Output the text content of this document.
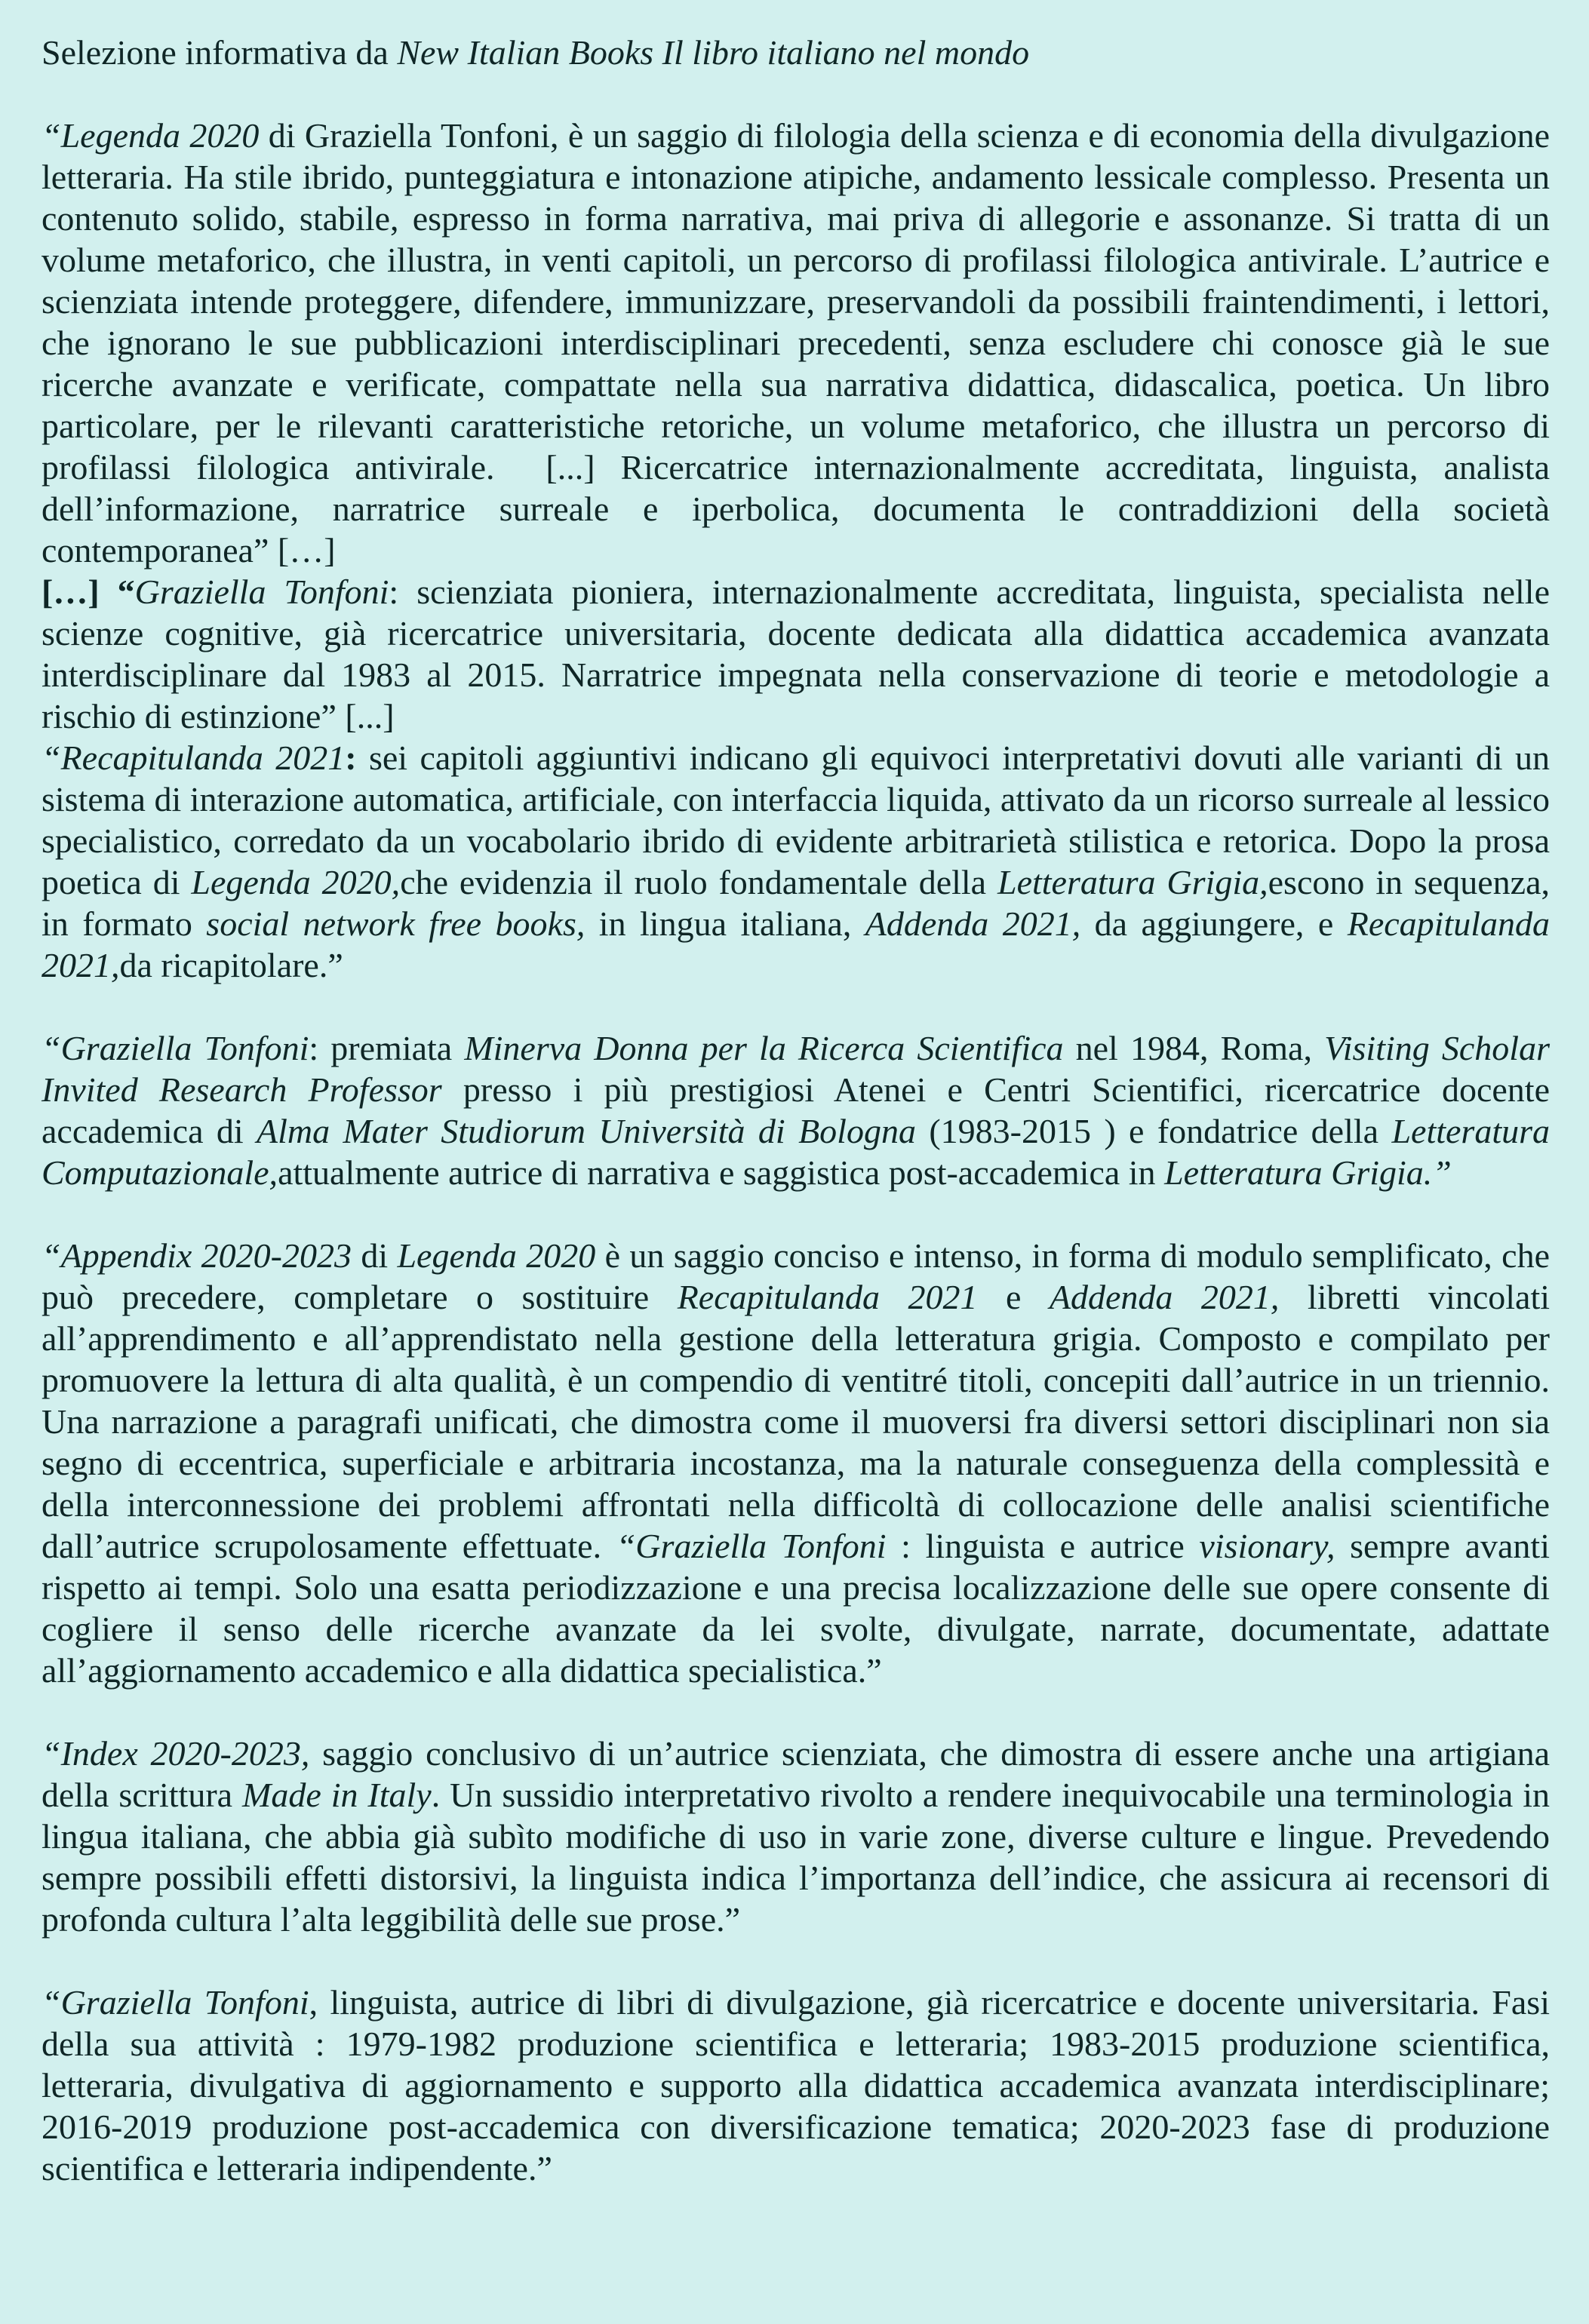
Selezione informativa da New Italian Books Il libro italiano nel mondo

“Legenda 2020 di Graziella Tonfoni, è un saggio di filologia della scienza e di economia della divulgazione letteraria. Ha stile ibrido, punteggiatura e intonazione atipiche, andamento lessicale complesso. Presenta un contenuto solido, stabile, espresso in forma narrativa, mai priva di allegorie e assonanze. Si tratta di un volume metaforico, che illustra, in venti capitoli, un percorso di profilassi filologica antivirale. L’autrice e scienziata intende proteggere, difendere, immunizzare, preservandoli da possibili fraintendimenti, i lettori, che ignorano le sue pubblicazioni interdisciplinari precedenti, senza escludere chi conosce già le sue ricerche avanzate e verificate, compattate nella sua narrativa didattica, didascalica, poetica. Un libro particolare, per le rilevanti caratteristiche retoriche, un volume metaforico, che illustra un percorso di profilassi filologica antivirale.  [...] Ricercatrice internazionalmente accreditata, linguista, analista dell’informazione, narratrice surreale e iperbolica, documenta le contraddizioni della società contemporanea” […]

[…] “Graziella Tonfoni: scienziata pioniera, internazionalmente accreditata, linguista, specialista nelle scienze cognitive, già ricercatrice universitaria, docente dedicata alla didattica accademica avanzata interdisciplinare dal 1983 al 2015. Narratrice impegnata nella conservazione di teorie e metodologie a rischio di estinzione” [...]

“Recapitulanda 2021: sei capitoli aggiuntivi indicano gli equivoci interpretativi dovuti alle varianti di un sistema di interazione automatica, artificiale, con interfaccia liquida, attivato da un ricorso surreale al lessico specialistico, corredato da un vocabolario ibrido di evidente arbitrarietà stilistica e retorica. Dopo la prosa poetica di Legenda 2020,che evidenzia il ruolo fondamentale della Letteratura Grigia,escono in sequenza, in formato social network free books, in lingua italiana, Addenda 2021, da aggiungere, e Recapitulanda 2021,da ricapitolare.”

“Graziella Tonfoni: premiata Minerva Donna per la Ricerca Scientifica nel 1984, Roma, Visiting Scholar Invited Research Professor presso i più prestigiosi Atenei e Centri Scientifici, ricercatrice docente accademica di Alma Mater Studiorum Università di Bologna (1983-2015 ) e fondatrice della Letteratura Computazionale,attualmente autrice di narrativa e saggistica post-accademica in Letteratura Grigia.”

“Appendix 2020-2023 di Legenda 2020 è un saggio conciso e intenso, in forma di modulo semplificato, che può precedere, completare o sostituire Recapitulanda 2021 e Addenda 2021, libretti vincolati all’apprendimento e all’apprendistato nella gestione della letteratura grigia. Composto e compilato per promuovere la lettura di alta qualità, è un compendio di ventitré titoli, concepiti dall’autrice in un triennio. Una narrazione a paragrafi unificati, che dimostra come il muoversi fra diversi settori disciplinari non sia segno di eccentrica, superficiale e arbitraria incostanza, ma la naturale conseguenza della complessità e della interconnessione dei problemi affrontati nella difficoltà di collocazione delle analisi scientifiche dall’autrice scrupolosamente effettuate. “Graziella Tonfoni : linguista e autrice visionary, sempre avanti rispetto ai tempi. Solo una esatta periodizzazione e una precisa localizzazione delle sue opere consente di cogliere il senso delle ricerche avanzate da lei svolte, divulgate, narrate, documentate, adattate all’aggiornamento accademico e alla didattica specialistica.”

“Index 2020-2023, saggio conclusivo di un’autrice scienziata, che dimostra di essere anche una artigiana della scrittura Made in Italy. Un sussidio interpretativo rivolto a rendere inequivocabile una terminologia in lingua italiana, che abbia già subìto modifiche di uso in varie zone, diverse culture e lingue. Prevedendo sempre possibili effetti distorsivi, la linguista indica l’importanza dell’indice, che assicura ai recensori di profonda cultura l’alta leggibilità delle sue prose.”

“Graziella Tonfoni, linguista, autrice di libri di divulgazione, già ricercatrice e docente universitaria. Fasi della sua attività : 1979-1982 produzione scientifica e letteraria; 1983-2015 produzione scientifica, letteraria, divulgativa di aggiornamento e supporto alla didattica accademica avanzata interdisciplinare; 2016-2019 produzione post-accademica con diversificazione tematica; 2020-2023 fase di produzione scientifica e letteraria indipendente.”
